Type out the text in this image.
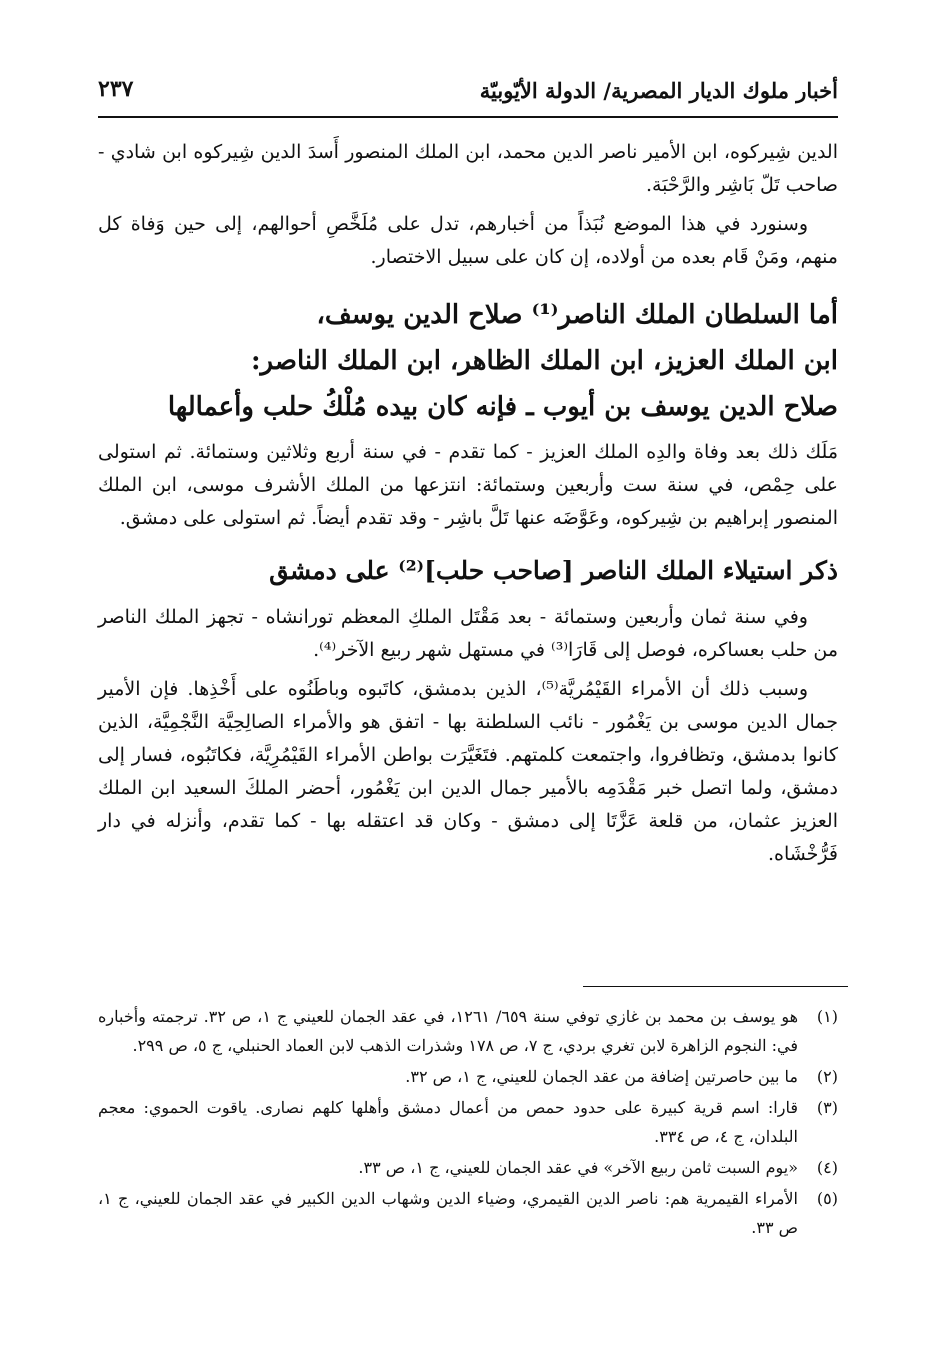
أخبار ملوك الديار المصرية/ الدولة الأيّوبيّة
٢٣٧

الدين شِيركوه، ابن الأمير ناصر الدين محمد، ابن الملك المنصور أَسدَ الدين شِيركوه ابن شادي - صاحب تَلّ بَاشِر والرَّحْبَة.

وسنورد في هذا الموضع نُبَذاً من أخبارهم، تدل على مُلَخَّصِ أحوالهم، إلى حين وَفاة كل منهم، ومَنْ قَام بعده من أولاده، إن كان على سبيل الاختصار.

أما السلطان الملك الناصر⁽¹⁾ صلاح الدين يوسف،
ابن الملك العزيز، ابن الملك الظاهر، ابن الملك الناصر:
صلاح الدين يوسف بن أيوب ـ فإنه كان بيده مُلْكُ حلب وأعمالها

مَلَك ذلك بعد وفاة والدِه الملك العزيز - كما تقدم - في سنة أربع وثلاثين وستمائة. ثم استولى على حِمْص، في سنة ست وأربعين وستمائة: انتزعها من الملك الأشرف موسى، ابن الملك المنصور إبراهيم بن شِيركوه، وعَوَّضَه عنها تَلَّ باشِر - وقد تقدم أيضاً. ثم استولى على دمشق.

ذكر استيلاء الملك الناصر [صاحب حلب]⁽²⁾ على دمشق

وفي سنة ثمان وأربعين وستمائة - بعد مَقْتَل الملكِ المعظم تورانشاه - تجهز الملك الناصر من حلب بعساكره، فوصل إلى قَارَا⁽³⁾ في مستهل شهر ربيع الآخر⁽⁴⁾.

وسبب ذلك أن الأمراء القَيْمُريَّة⁽⁵⁾، الذين بدمشق، كاتَبوه وباطَنُوه على أَخْذِها. فإن الأمير جمال الدين موسى بن يَغْمُور - نائب السلطنة بها - اتفق هو والأمراء الصالِحِيَّة النَّجْمِيَّة، الذين كانوا بدمشق، وتظافروا، واجتمعت كلمتهم. فتَغَيَّرَت بواطن الأمراء القَيْمُرِيَّة، فكاتَبُوه، فسار إلى دمشق، ولما اتصل خبر مَقْدَمِه بالأمير جمال الدين ابن يَغْمُور، أحضر الملكَ السعيد ابن الملك العزيز عثمان، من قلعة عَزَّتَا إلى دمشق - وكان قد اعتقله بها - كما تقدم، وأنزله في دار فَرُّخْشَاه.

(١)
هو يوسف بن محمد بن غازي توفي سنة ٦٥٩/ ١٢٦١، في عقد الجمان للعيني ج ١، ص ٣٢. ترجمته وأخباره في: النجوم الزاهرة لابن تغري بردي، ج ٧، ص ١٧٨ وشذرات الذهب لابن العماد الحنبلي، ج ٥، ص ٢٩٩.
(٢)
ما بين حاصرتين إضافة من عقد الجمان للعيني، ج ١، ص ٣٢.
(٣)
قارا: اسم قرية كبيرة على حدود حمص من أعمال دمشق وأهلها كلهم نصارى. ياقوت الحموي: معجم البلدان، ج ٤، ص ٣٣٤.
(٤)
«يوم السبت ثامن ربيع الآخر» في عقد الجمان للعيني، ج ١، ص ٣٣.
(٥)
الأمراء القيمرية هم: ناصر الدين القيمري، وضياء الدين وشهاب الدين الكبير في عقد الجمان للعيني، ج ١، ص ٣٣.
